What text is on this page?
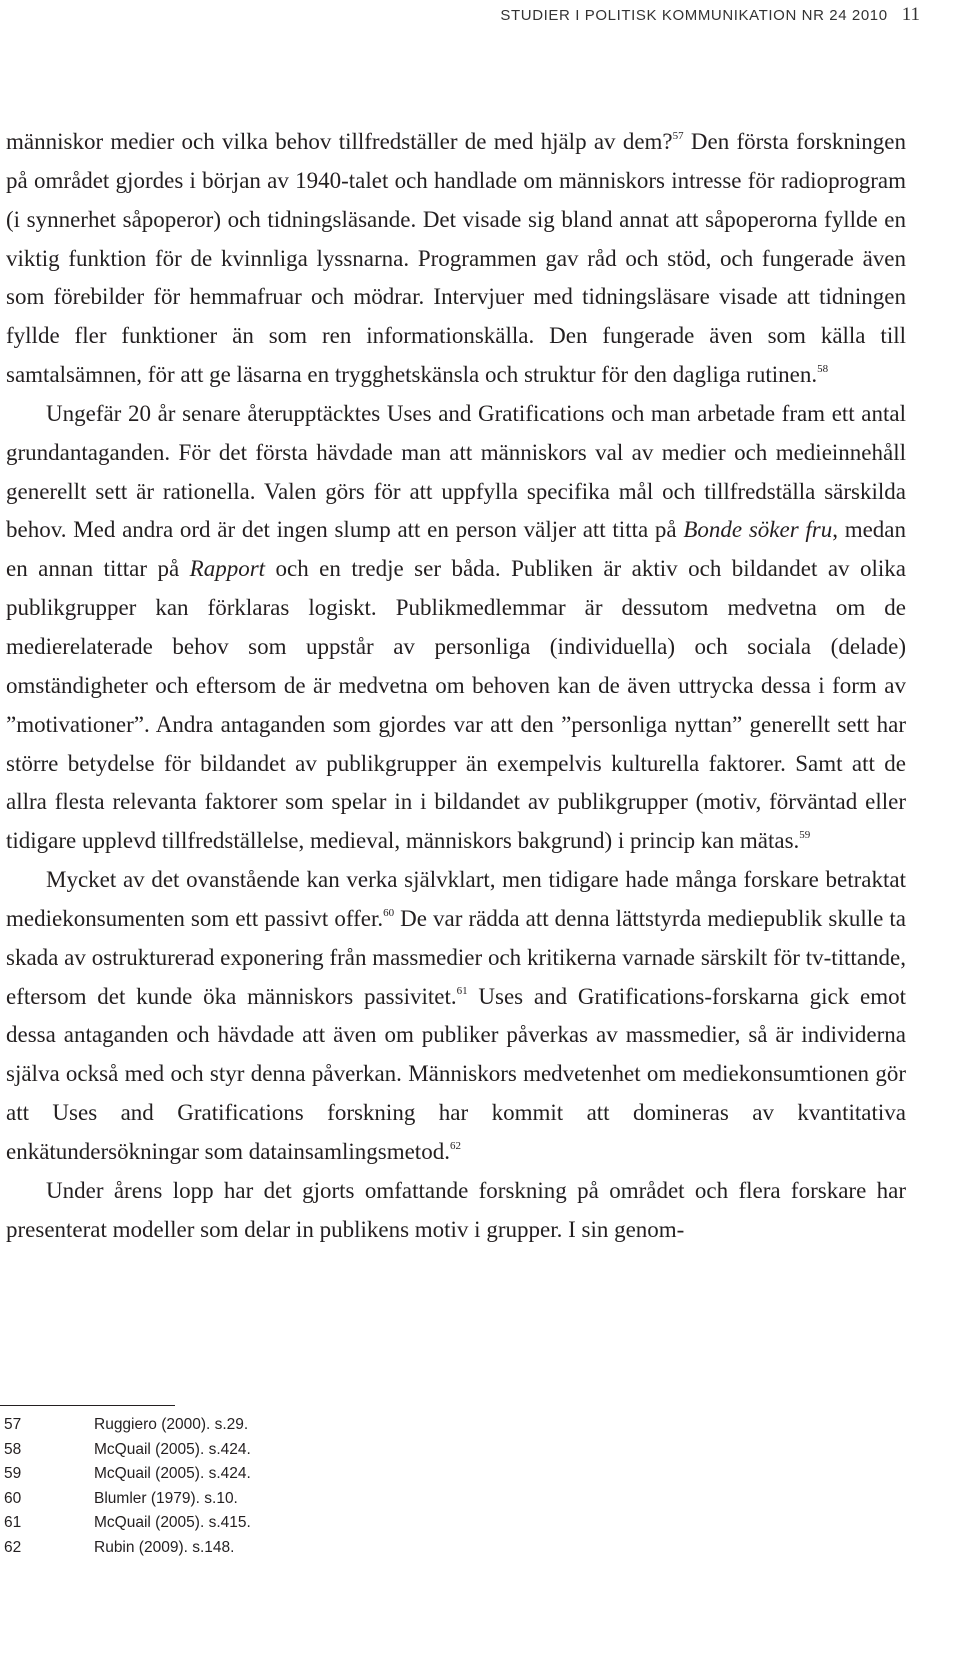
STUDIER I POLITISK KOMMUNIKATION NR 24 2010 11

människor medier och vilka behov tillfredställer de med hjälp av dem?$^{57}$ Den första forskningen på området gjordes i början av 1940-talet och handlade om människors intresse för radioprogram (i synnerhet såpoperor) och tidningsläsande. Det visade sig bland annat att såpoperorna fyllde en viktig funktion för de kvinnliga lyssnarna. Programmen gav råd och stöd, och fungerade även som förebilder för hemmafruar och mödrar. Intervjuer med tidningsläsare visade att tidningen fyllde fler funktioner än som ren informationskälla. Den fungerade även som källa till samtalsämnen, för att ge läsarna en trygghetskänsla och struktur för den dagliga rutinen.$^{58}$

Ungefär 20 år senare återupptäcktes Uses and Gratifications och man arbetade fram ett antal grundantaganden. För det första hävdade man att människors val av medier och medieinnehåll generellt sett är rationella. Valen görs för att uppfylla specifika mål och tillfredställa särskilda behov. Med andra ord är det ingen slump att en person väljer att titta på Bonde söker fru, medan en annan tittar på Rapport och en tredje ser båda. Publiken är aktiv och bildandet av olika publikgrupper kan förklaras logiskt. Publikmedlemmar är dessutom medvetna om de medierelaterade behov som uppstår av personliga (individuella) och sociala (delade) omständigheter och eftersom de är medvetna om behoven kan de även uttrycka dessa i form av ”motivationer”. Andra antaganden som gjordes var att den ”personliga nyttan” generellt sett har större betydelse för bildandet av publikgrupper än exempelvis kulturella faktorer. Samt att de allra flesta relevanta faktorer som spelar in i bildandet av publikgrupper (motiv, förväntad eller tidigare upplevd tillfredställelse, medieval, människors bakgrund) i princip kan mätas.$^{59}$

Mycket av det ovanstående kan verka självklart, men tidigare hade många forskare betraktat mediekonsumenten som ett passivt offer.$^{60}$ De var rädda att denna lättstyrda mediepublik skulle ta skada av ostrukturerad exponering från massmedier och kritikerna varnade särskilt för tv-tittande, eftersom det kunde öka människors passivitet.$^{61}$ Uses and Gratifications-forskarna gick emot dessa antaganden och hävdade att även om publiker påverkas av massmedier, så är individerna själva också med och styr denna påverkan. Människors medvetenhet om mediekonsumtionen gör att Uses and Gratifications forskning har kommit att domineras av kvantitativa enkätundersökningar som datainsamlingsmetod.$^{62}$

Under årens lopp har det gjorts omfattande forskning på området och flera forskare har presenterat modeller som delar in publikens motiv i grupper. I sin genom-

57	Ruggiero (2000). s.29.
58	McQuail (2005). s.424.
59	McQuail (2005). s.424.
60	Blumler (1979). s.10.
61	McQuail (2005). s.415.
62	Rubin (2009). s.148.
